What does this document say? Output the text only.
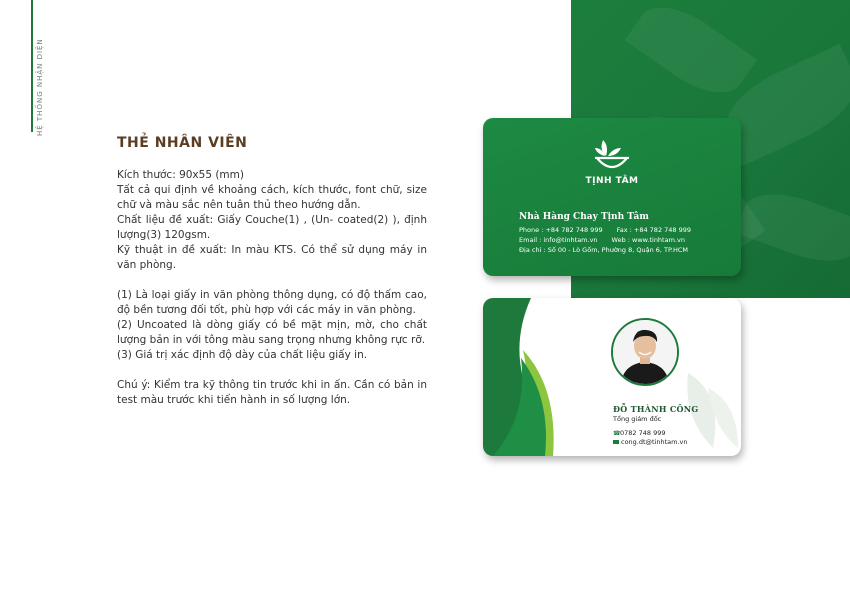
HỆ THỐNG NHẬN DIỆN
THẺ NHÂN VIÊN

Kích thước: 90x55 (mm)

Tất cả qui định về khoảng cách, kích thước, font chữ, size chữ và màu sắc nên tuân thủ theo hướng dẫn.

Chất liệu đề xuất: Giấy Couche(1) , (Un- coated(2) ), định lượng(3) 120gsm.

Kỹ thuật in đề xuất: In màu KTS. Có thể sử dụng máy in văn phòng.

(1) Là loại giấy in văn phòng thông dụng, có độ thấm cao, độ bền tương đối tốt, phù hợp với các máy in văn phòng.

(2) Uncoated là dòng giấy có bề mặt mịn, mờ, cho chất lượng bản in với tông màu sang trọng nhưng không rực rỡ.

(3) Giá trị xác định độ dày của chất liệu giấy in.

Chú ý: Kiểm tra kỹ thông tin trước khi in ấn. Cần có bản in test màu trước khi tiến hành in số lượng lớn.

TỊNH TÂM
Nhà Hàng Chay Tịnh Tâm
Phone : +84 782 748 999 Fax : +84 782 748 999
Email : info@tinhtam.vn Web : www.tinhtam.vn
Địa chỉ : Số 00 - Lò Gốm, Phường 8, Quận 6, TP.HCM
ĐỖ THÀNH CÔNG
Tổng giám đốc
☎0782 748 999
cong.dt@tinhtam.vn
